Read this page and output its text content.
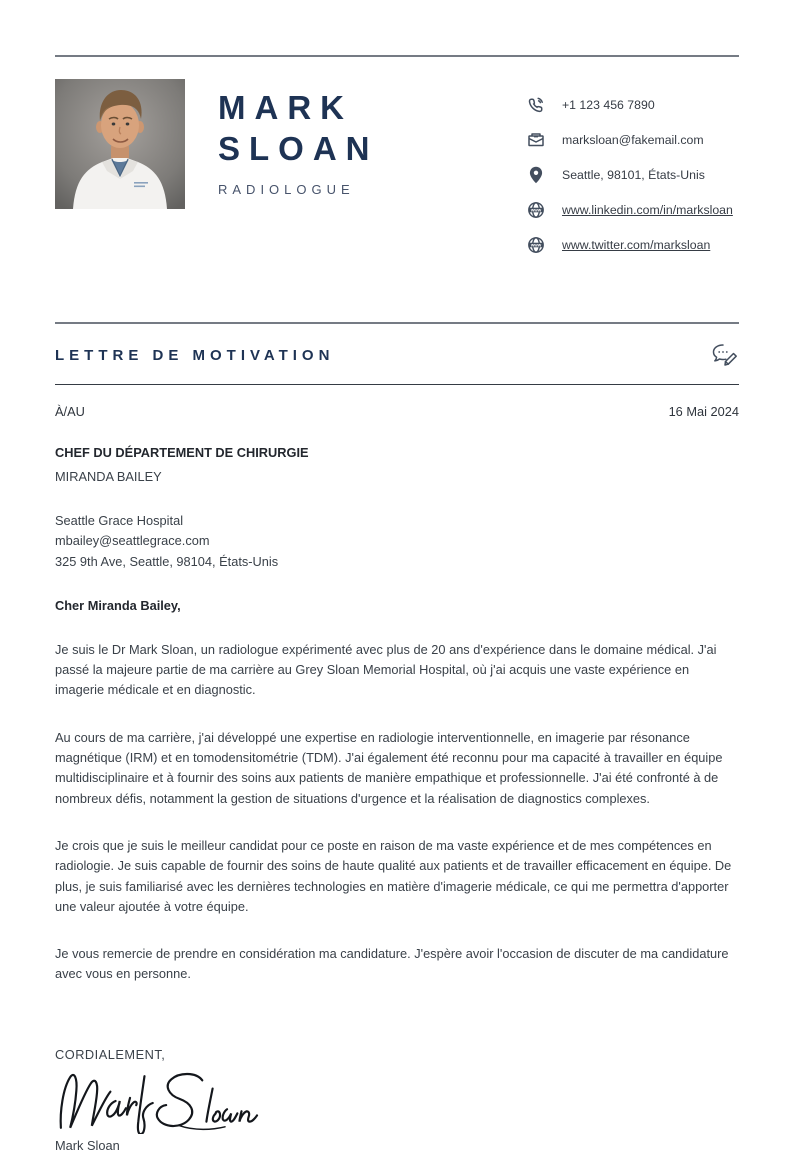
MARK
SLOAN
RADIOLOGUE
+1 123 456 7890
marksloan@fakemail.com
Seattle, 98101, États-Unis
www www.linkedin.com/in/marksloan
www www.twitter.com/marksloan
LETTRE DE MOTIVATION
À/AU	16 Mai 2024
CHEF DU DÉPARTEMENT DE CHIRURGIE
MIRANDA BAILEY
Seattle Grace Hospital
mbailey@seattlegrace.com
325 9th Ave, Seattle, 98104, États-Unis
Cher Miranda Bailey,

Je suis le Dr Mark Sloan, un radiologue expérimenté avec plus de 20 ans d'expérience dans le domaine médical. J'ai passé la majeure partie de ma carrière au Grey Sloan Memorial Hospital, où j'ai acquis une vaste expérience en imagerie médicale et en diagnostic.

Au cours de ma carrière, j'ai développé une expertise en radiologie interventionnelle, en imagerie par résonance magnétique (IRM) et en tomodensitométrie (TDM). J'ai également été reconnu pour ma capacité à travailler en équipe multidisciplinaire et à fournir des soins aux patients de manière empathique et professionnelle. J'ai été confronté à de nombreux défis, notamment la gestion de situations d'urgence et la réalisation de diagnostics complexes.

Je crois que je suis le meilleur candidat pour ce poste en raison de ma vaste expérience et de mes compétences en radiologie. Je suis capable de fournir des soins de haute qualité aux patients et de travailler efficacement en équipe. De plus, je suis familiarisé avec les dernières technologies en matière d'imagerie médicale, ce qui me permettra d'apporter une valeur ajoutée à votre équipe.

Je vous remercie de prendre en considération ma candidature. J'espère avoir l'occasion de discuter de ma candidature avec vous en personne.

CORDIALEMENT,
Mark Sloan
